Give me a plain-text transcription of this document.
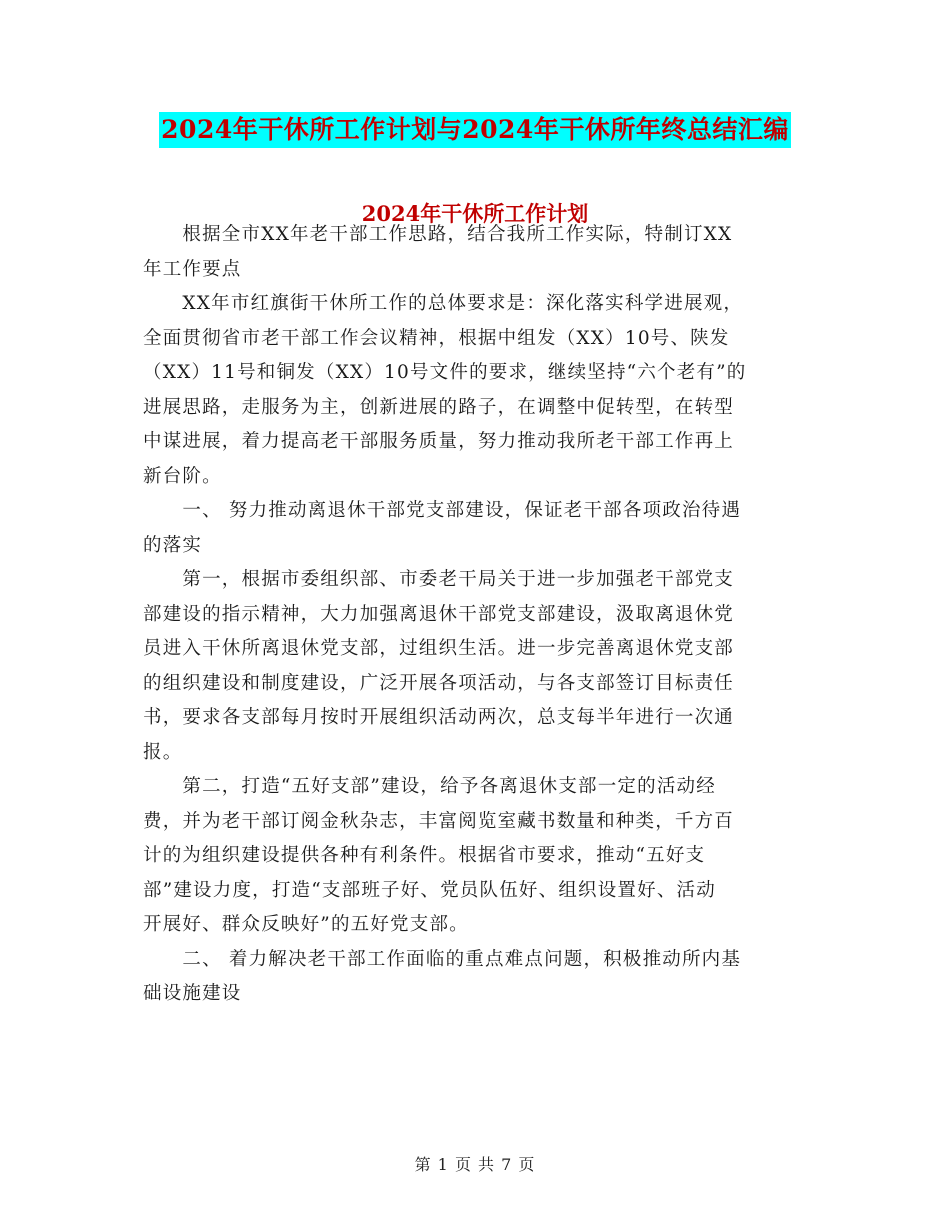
2024年干休所工作计划与2024年干休所年终总结汇编
2024年干休所工作计划
　　根据全市XX年老干部工作思路，结合我所工作实际，特制订XX
年工作要点
　　XX年市红旗街干休所工作的总体要求是：深化落实科学进展观，
全面贯彻省市老干部工作会议精神，根据中组发（XX）10号、陕发
（XX）11号和铜发（XX）10号文件的要求，继续坚持“六个老有”的
进展思路，走服务为主，创新进展的路子，在调整中促转型，在转型
中谋进展，着力提高老干部服务质量，努力推动我所老干部工作再上
新台阶。
　　一、 努力推动离退休干部党支部建设，保证老干部各项政治待遇
的落实
　　第一，根据市委组织部、市委老干局关于进一步加强老干部党支
部建设的指示精神，大力加强离退休干部党支部建设，汲取离退休党
员进入干休所离退休党支部，过组织生活。进一步完善离退休党支部
的组织建设和制度建设，广泛开展各项活动，与各支部签订目标责任
书，要求各支部每月按时开展组织活动两次，总支每半年进行一次通
报。
　　第二，打造“五好支部”建设，给予各离退休支部一定的活动经
费，并为老干部订阅金秋杂志，丰富阅览室藏书数量和种类，千方百
计的为组织建设提供各种有利条件。根据省市要求，推动“五好支
部”建设力度，打造“支部班子好、党员队伍好、组织设置好、活动
开展好、群众反映好”的五好党支部。
　　二、 着力解决老干部工作面临的重点难点问题，积极推动所内基
础设施建设
第 1 页 共 7 页
